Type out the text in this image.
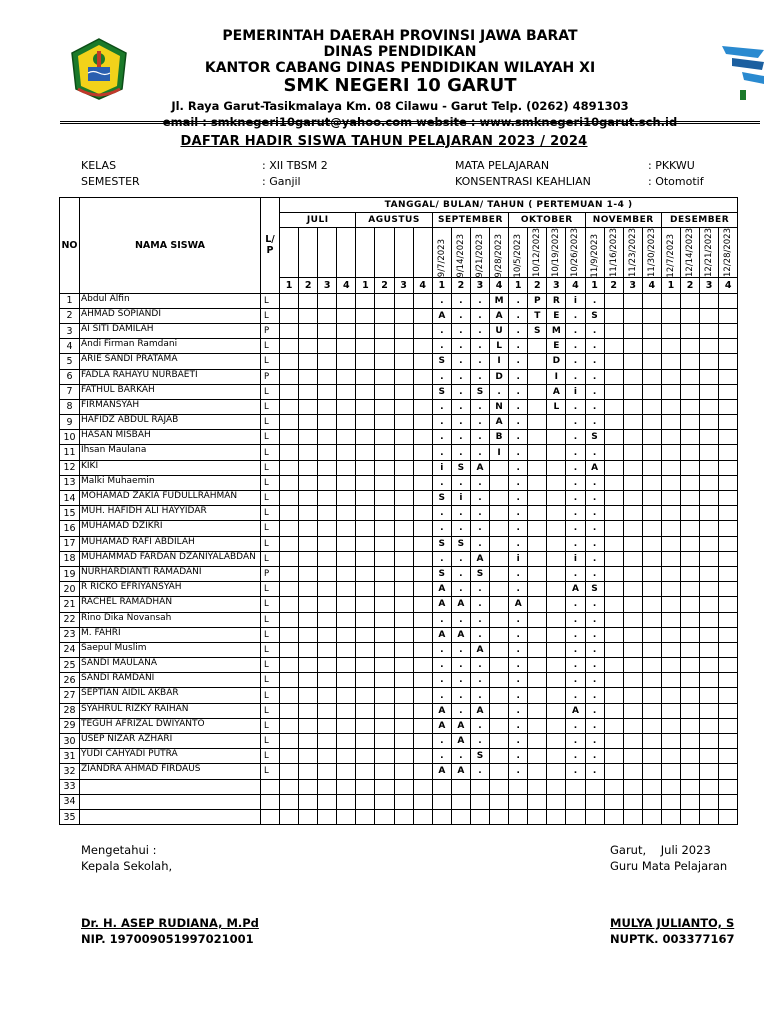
PEMERINTAH DAERAH PROVINSI JAWA BARAT
DINAS PENDIDIKAN
KANTOR CABANG DINAS PENDIDIKAN WILAYAH XI
SMK NEGERI 10 GARUT
Jl. Raya Garut-Tasikmalaya Km. 08 Cilawu - Garut Telp. (0262) 4891303
email : smknegeri10garut@yahoo.com website : www.smknegeri10garut.sch.id
DAFTAR HADIR SISWA TAHUN PELAJARAN 2023 / 2024
KELAS	: XII TBSM 2
SEMESTER	: Ganjil
MATA PELAJARAN	: PKKWU
KONSENTRASI KEAHLIAN	: Otomotif
NO	NAMA SISWA	L/ P	TANGGAL/ BULAN/ TAHUN ( PERTEMUAN 1-4 )																							
			JULI				AGUSTUS				SEPTEMBER				OKTOBER				NOVEMBER				DESEMBER			

											9/7/2023	9/14/2023	9/21/2023	9/28/2023	10/5/2023	10/12/2023	10/19/2023	10/26/2023	11/9/2023	11/16/2023	11/23/2023	11/30/2023	12/7/2023	12/14/2023	12/21/2023	12/28/2023

			1	2	3	4	1	2	3	4	1	2	3	4	1	2	3	4	1	2	3	4	1	2	3	4
1	Abdul Alfin	L									.	.	.	M	.	P	R	i	.							
2	AHMAD SOPIANDI	L									A	.	.	A	.	T	E	.	S							
3	AI SITI DAMILAH	P									.	.	.	U	.	S	M	.	.							
4	Andi Firman Ramdani	L									.	.	.	L	.		E	.	.							
5	ARIE SANDI PRATAMA	L									S	.	.	I	.		D	.	.							
6	FADLA RAHAYU NURBAETI	P									.	.	.	D	.		I	.	.							
7	FATHUL BARKAH	L									S	.	S	.	.		A	i	.							
8	FIRMANSYAH	L									.	.	.	N	.		L	.	.							
9	HAFIDZ ABDUL RAJAB	L									.	.	.	A	.			.	.							
10	HASAN MISBAH	L									.	.	.	B	.			.	S							
11	Ihsan Maulana	L									.	.	.	I	.			.	.							
12	KIKI	L									i	S	A		.			.	A							
13	Malki Muhaemin	L									.	.	.		.			.	.							
14	MOHAMAD ZAKIA FUDULLRAHMAN	L									S	i	.		.			.	.							
15	MUH. HAFIDH ALI HAYYIDAR	L									.	.	.		.			.	.							
16	MUHAMAD DZIKRI	L									.	.	.		.			.	.							
17	MUHAMAD RAFI ABDILAH	L									S	S	.		.			.	.							
18	MUHAMMAD FARDAN DZANIYALABDAN	L									.	.	A		i			i	.							
19	NURHARDIANTI RAMADANI	P									S	.	S		.			.	.							
20	R RICKO EFRIYANSYAH	L									A	.	.		.			A	S							
21	RACHEL RAMADHAN	L									A	A	.		A			.	.							
22	Rino Dika Novansah	L									.	.	.		.			.	.							
23	M. FAHRI	L									A	A	.		.			.	.							
24	Saepul Muslim	L									.	.	A		.			.	.							
25	SANDI MAULANA	L									.	.	.		.			.	.							
26	SANDI RAMDANI	L									.	.	.		.			.	.							
27	SEPTIAN AIDIL AKBAR	L									.	.	.		.			.	.							
28	SYAHRUL RIZKY RAIHAN	L									A	.	A		.			A	.							
29	TEGUH AFRIZAL DWIYANTO	L									A	A	.		.			.	.							
30	USEP NIZAR AZHARI	L									.	A	.		.			.	.							
31	YUDI CAHYADI PUTRA	L									.	.	S		.			.	.							
32	ZIANDRA AHMAD FIRDAUS	L									A	A	.		.			.	.							
33																										
34																										
35																										
Mengetahui :
Kepala Sekolah,
Dr. H. ASEP RUDIANA, M.Pd
NIP. 197009051997021001
Garut,    Juli 2023
Guru Mata Pelajaran
MULYA JULIANTO, S
NUPTK. 003377167
